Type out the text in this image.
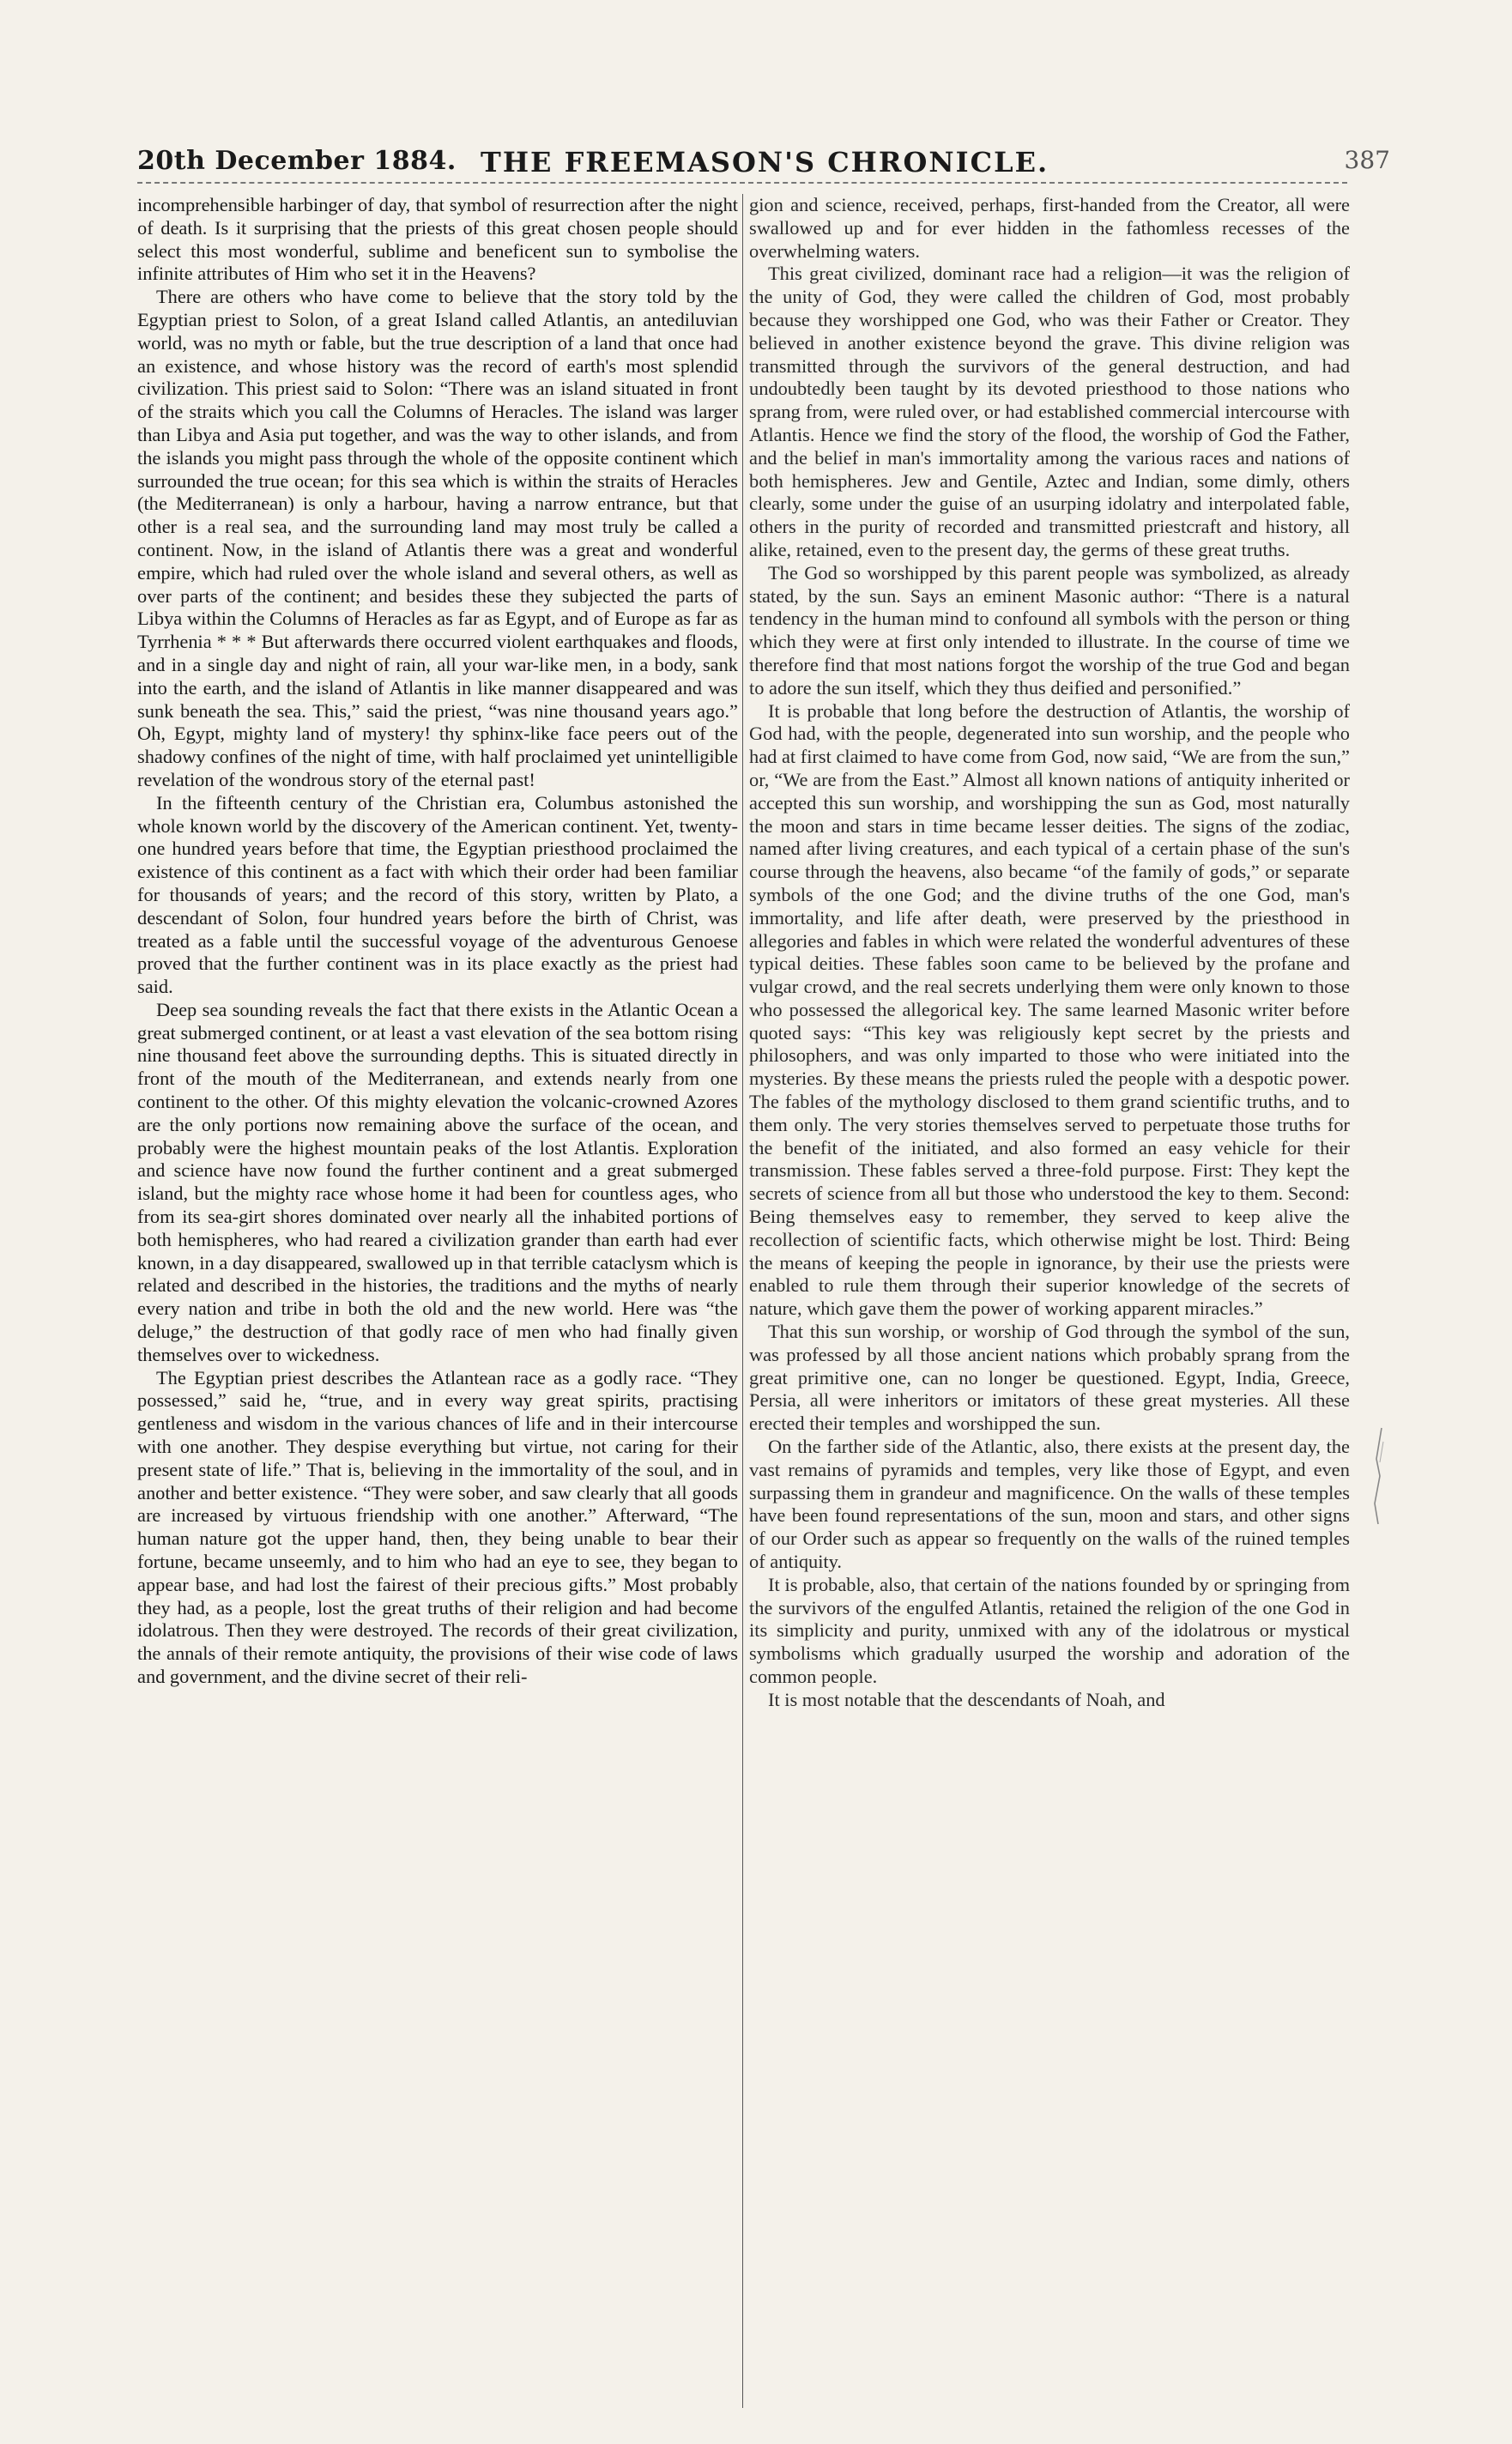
20th December 1884. THE FREEMASON'S CHRONICLE.	387

incomprehensible harbinger of day, that symbol of resurrection after the night of death. Is it surprising that the priests of this great chosen people should select this most wonderful, sublime and beneficent sun to symbolise the infinite attributes of Him who set it in the Heavens?

There are others who have come to believe that the story told by the Egyptian priest to Solon, of a great Island called Atlantis, an antediluvian world, was no myth or fable, but the true description of a land that once had an existence, and whose history was the record of earth's most splendid civilization. This priest said to Solon: “There was an island situated in front of the straits which you call the Columns of Heracles. The island was larger than Libya and Asia put together, and was the way to other islands, and from the islands you might pass through the whole of the opposite continent which surrounded the true ocean; for this sea which is within the straits of Heracles (the Mediterranean) is only a harbour, having a narrow entrance, but that other is a real sea, and the surrounding land may most truly be called a continent. Now, in the island of Atlantis there was a great and wonderful empire, which had ruled over the whole island and several others, as well as over parts of the continent; and besides these they subjected the parts of Libya within the Columns of Heracles as far as Egypt, and of Europe as far as Tyrrhenia * * * But afterwards there occurred violent earthquakes and floods, and in a single day and night of rain, all your war-like men, in a body, sank into the earth, and the island of Atlantis in like manner disappeared and was sunk beneath the sea. This,” said the priest, “was nine thousand years ago.” Oh, Egypt, mighty land of mystery! thy sphinx-like face peers out of the shadowy confines of the night of time, with half proclaimed yet unintelligible revelation of the wondrous story of the eternal past!

In the fifteenth century of the Christian era, Columbus astonished the whole known world by the discovery of the American continent. Yet, twenty-one hundred years before that time, the Egyptian priesthood proclaimed the existence of this continent as a fact with which their order had been familiar for thousands of years; and the record of this story, written by Plato, a descendant of Solon, four hundred years before the birth of Christ, was treated as a fable until the successful voyage of the adventurous Genoese proved that the further continent was in its place exactly as the priest had said.

Deep sea sounding reveals the fact that there exists in the Atlantic Ocean a great submerged continent, or at least a vast elevation of the sea bottom rising nine thousand feet above the surrounding depths. This is situated directly in front of the mouth of the Mediterranean, and extends nearly from one continent to the other. Of this mighty elevation the volcanic-crowned Azores are the only portions now remaining above the surface of the ocean, and probably were the highest mountain peaks of the lost Atlantis. Exploration and science have now found the further continent and a great submerged island, but the mighty race whose home it had been for countless ages, who from its sea-girt shores dominated over nearly all the inhabited portions of both hemispheres, who had reared a civilization grander than earth had ever known, in a day disappeared, swallowed up in that terrible cataclysm which is related and described in the histories, the traditions and the myths of nearly every nation and tribe in both the old and the new world. Here was “the deluge,” the destruction of that godly race of men who had finally given themselves over to wickedness.

The Egyptian priest describes the Atlantean race as a godly race. “They possessed,” said he, “true, and in every way great spirits, practising gentleness and wisdom in the various chances of life and in their intercourse with one another. They despise everything but virtue, not caring for their present state of life.” That is, believing in the immortality of the soul, and in another and better existence. “They were sober, and saw clearly that all goods are increased by virtuous friendship with one another.” Afterward, “The human nature got the upper hand, then, they being unable to bear their fortune, became unseemly, and to him who had an eye to see, they began to appear base, and had lost the fairest of their precious gifts.” Most probably they had, as a people, lost the great truths of their religion and had become idolatrous. Then they were destroyed. The records of their great civilization, the annals of their remote antiquity, the provisions of their wise code of laws and government, and the divine secret of their reli-

gion and science, received, perhaps, first-handed from the Creator, all were swallowed up and for ever hidden in the fathomless recesses of the overwhelming waters.

This great civilized, dominant race had a religion—it was the religion of the unity of God, they were called the children of God, most probably because they worshipped one God, who was their Father or Creator. They believed in another existence beyond the grave. This divine religion was transmitted through the survivors of the general destruction, and had undoubtedly been taught by its devoted priesthood to those nations who sprang from, were ruled over, or had established commercial intercourse with Atlantis. Hence we find the story of the flood, the worship of God the Father, and the belief in man's immortality among the various races and nations of both hemispheres. Jew and Gentile, Aztec and Indian, some dimly, others clearly, some under the guise of an usurping idolatry and interpolated fable, others in the purity of recorded and transmitted priestcraft and history, all alike, retained, even to the present day, the germs of these great truths.

The God so worshipped by this parent people was symbolized, as already stated, by the sun. Says an eminent Masonic author: “There is a natural tendency in the human mind to confound all symbols with the person or thing which they were at first only intended to illustrate. In the course of time we therefore find that most nations forgot the worship of the true God and began to adore the sun itself, which they thus deified and personified.”

It is probable that long before the destruction of Atlantis, the worship of God had, with the people, degenerated into sun worship, and the people who had at first claimed to have come from God, now said, “We are from the sun,” or, “We are from the East.” Almost all known nations of antiquity inherited or accepted this sun worship, and worshipping the sun as God, most naturally the moon and stars in time became lesser deities. The signs of the zodiac, named after living creatures, and each typical of a certain phase of the sun's course through the heavens, also became “of the family of gods,” or separate symbols of the one God; and the divine truths of the one God, man's immortality, and life after death, were preserved by the priesthood in allegories and fables in which were related the wonderful adventures of these typical deities. These fables soon came to be believed by the profane and vulgar crowd, and the real secrets underlying them were only known to those who possessed the allegorical key. The same learned Masonic writer before quoted says: “This key was religiously kept secret by the priests and philosophers, and was only imparted to those who were initiated into the mysteries. By these means the priests ruled the people with a despotic power. The fables of the mythology disclosed to them grand scientific truths, and to them only. The very stories themselves served to perpetuate those truths for the benefit of the initiated, and also formed an easy vehicle for their transmission. These fables served a three-fold purpose. First: They kept the secrets of science from all but those who understood the key to them. Second: Being themselves easy to remember, they served to keep alive the recollection of scientific facts, which otherwise might be lost. Third: Being the means of keeping the people in ignorance, by their use the priests were enabled to rule them through their superior knowledge of the secrets of nature, which gave them the power of working apparent miracles.”

That this sun worship, or worship of God through the symbol of the sun, was professed by all those ancient nations which probably sprang from the great primitive one, can no longer be questioned. Egypt, India, Greece, Persia, all were inheritors or imitators of these great mysteries. All these erected their temples and worshipped the sun.

On the farther side of the Atlantic, also, there exists at the present day, the vast remains of pyramids and temples, very like those of Egypt, and even surpassing them in grandeur and magnificence. On the walls of these temples have been found representations of the sun, moon and stars, and other signs of our Order such as appear so frequently on the walls of the ruined temples of antiquity.

It is probable, also, that certain of the nations founded by or springing from the survivors of the engulfed Atlantis, retained the religion of the one God in its simplicity and purity, unmixed with any of the idolatrous or mystical symbolisms which gradually usurped the worship and adoration of the common people.

It is most notable that the descendants of Noah, and
